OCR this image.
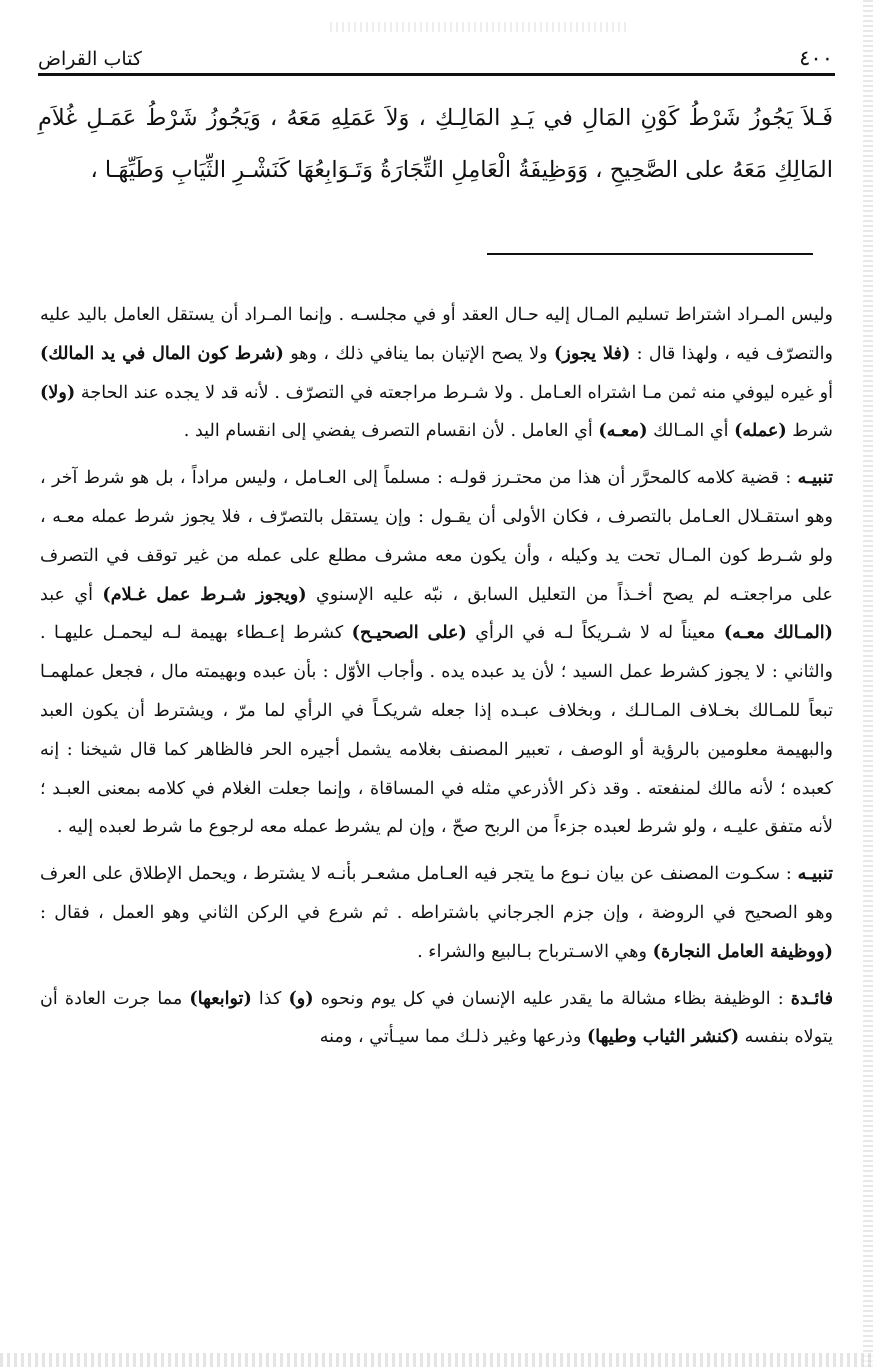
٤٠٠
كتاب القراض
فَـلاَ يَجُوزُ شَرْطُ كَوْنِ المَالِ في يَـدِ المَالِـكِ ، وَلاَ عَمَلِهِ مَعَهُ ، وَيَجُوزُ شَرْطُ عَمَـلِ غُلاَمِ المَالِكِ مَعَهُ على الصَّحِيحِ ، وَوَظِيفَةُ الْعَامِلِ التِّجَارَةُ وَتَـوَابِعُهَا كَنَشْـرِ الثِّيَابِ وَطَيِّهَـا ،

وليس المـراد اشتراط تسليم المـال إليه حـال العقد أو في مجلسـه . وإنما المـراد أن يستقل العامل باليد عليه والتصرّف فيه ، ولهذا قال : (فلا يجوز) ولا يصح الإتيان بما ينافي ذلك ، وهو (شرط كون المال في يد المالك) أو غيره ليوفي منه ثمن مـا اشتراه العـامل . ولا شـرط مراجعته في التصرّف . لأنه قد لا يجده عند الحاجة (ولا) شرط (عمله) أي المـالك (معـه) أي العامل . لأن انقسام التصرف يفضي إلى انقسام اليد .

تنبيـه : قضية كلامه كالمحرَّر أن هذا من محتـرز قولـه : مسلماً إلى العـامل ، وليس مراداً ، بل هو شرط آخر ، وهو استقـلال العـامل بالتصرف ، فكان الأولى أن يقـول : وإن يستقل بالتصرّف ، فلا يجوز شرط عمله معـه ، ولو شـرط كون المـال تحت يد وكيله ، وأن يكون معه مشرف مطلع على عمله من غير توقف في التصرف على مراجعتـه لم يصح أخـذاً من التعليل السابق ، نبّه عليه الإسنوي (ويجوز شـرط عمل غـلام) أي عبد (المـالك معـه) معيناً له لا شـريكاً لـه في الرأي (على الصحيـح) كشرط إعـطاء بهيمة لـه ليحمـل عليهـا . والثاني : لا يجوز كشرط عمل السيد ؛ لأن يد عبده يده . وأجاب الأوّل : بأن عبده وبهيمته مال ، فجعل عملهمـا تبعاً للمـالك بخـلاف المـالـك ، وبخلاف عبـده إذا جعله شريكـاً في الرأي لما مرّ ، ويشترط أن يكون العبد والبهيمة معلومين بالرؤية أو الوصف ، تعبير المصنف بغلامه يشمل أجيره الحر فالظاهر كما قال شيخنا : إنه كعبده ؛ لأنه مالك لمنفعته . وقد ذكر الأذرعي مثله في المساقاة ، وإنما جعلت الغلام في كلامه بمعنى العبـد ؛ لأنه متفق عليـه ، ولو شرط لعبده جزءاً من الربح صحّ ، وإن لم يشرط عمله معه لرجوع ما شرط لعبده إليه .

تنبيـه : سكـوت المصنف عن بيان نـوع ما يتجر فيه العـامل مشعـر بأنـه لا يشترط ، ويحمل الإطلاق على العرف وهو الصحيح في الروضة ، وإن جزم الجرجاني باشتراطه . ثم شرع في الركن الثاني وهو العمل ، فقال : (ووظيفة العامل النجارة) وهي الاسـترباح بـالبيع والشراء .

فائـدة : الوظيفة بظاء مشالة ما يقدر عليه الإنسان في كل يوم ونحوه (و) كذا (توابعها) مما جرت العادة أن يتولاه بنفسه (كنشر الثياب وطيها) وذرعها وغير ذلـك مما سيـأتي ، ومنه
